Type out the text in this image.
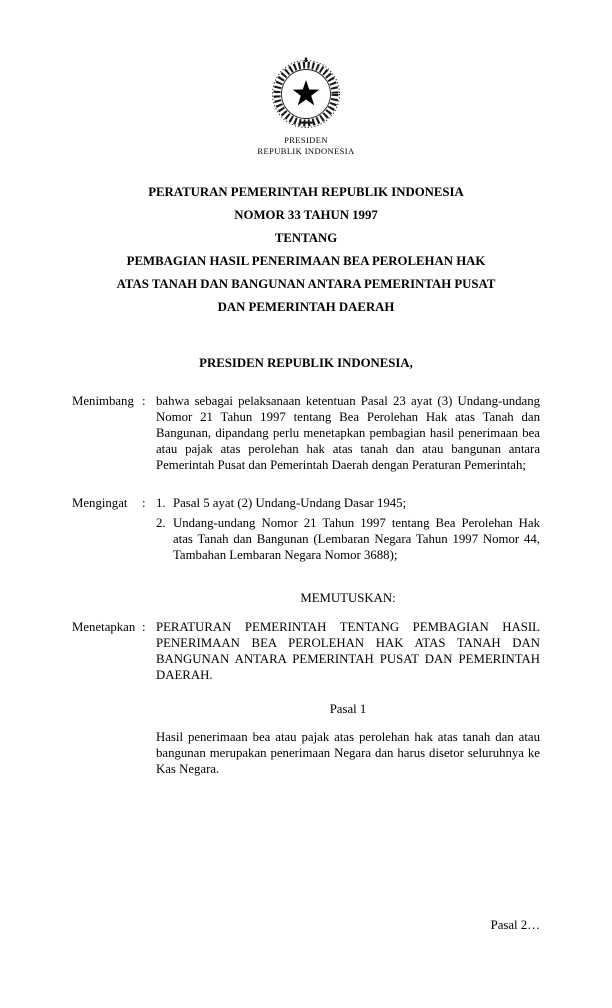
PRESIDEN
REPUBLIK INDONESIA
PERATURAN PEMERINTAH REPUBLIK INDONESIA
NOMOR 33 TAHUN 1997
TENTANG
PEMBAGIAN HASIL PENERIMAAN BEA PEROLEHAN HAK
ATAS TANAH DAN BANGUNAN ANTARA PEMERINTAH PUSAT
DAN PEMERINTAH DAERAH
PRESIDEN REPUBLIK INDONESIA,
Menimbang : bahwa sebagai pelaksanaan ketentuan Pasal 23 ayat (3) Undang-undang Nomor 21 Tahun 1997 tentang Bea Perolehan Hak atas Tanah dan Bangunan, dipandang perlu menetapkan pembagian hasil penerimaan bea atau pajak atas perolehan hak atas tanah dan atau bangunan antara Pemerintah Pusat dan Pemerintah Daerah dengan Peraturan Pemerintah;
Mengingat	: 1. Pasal 5 ayat (2) Undang-Undang Dasar 1945;
2. Undang-undang Nomor 21 Tahun 1997 tentang Bea Perolehan Hak atas Tanah dan Bangunan (Lembaran Negara Tahun 1997 Nomor 44, Tambahan Lembaran Negara Nomor 3688);
MEMUTUSKAN:
Menetapkan : PERATURAN PEMERINTAH TENTANG PEMBAGIAN HASIL PENERIMAAN BEA PEROLEHAN HAK ATAS TANAH DAN BANGUNAN ANTARA PEMERINTAH PUSAT DAN PEMERINTAH DAERAH.
Pasal 1
Hasil penerimaan bea atau pajak atas perolehan hak atas tanah dan atau bangunan merupakan penerimaan Negara dan harus disetor seluruhnya ke Kas Negara.
Pasal 2…
